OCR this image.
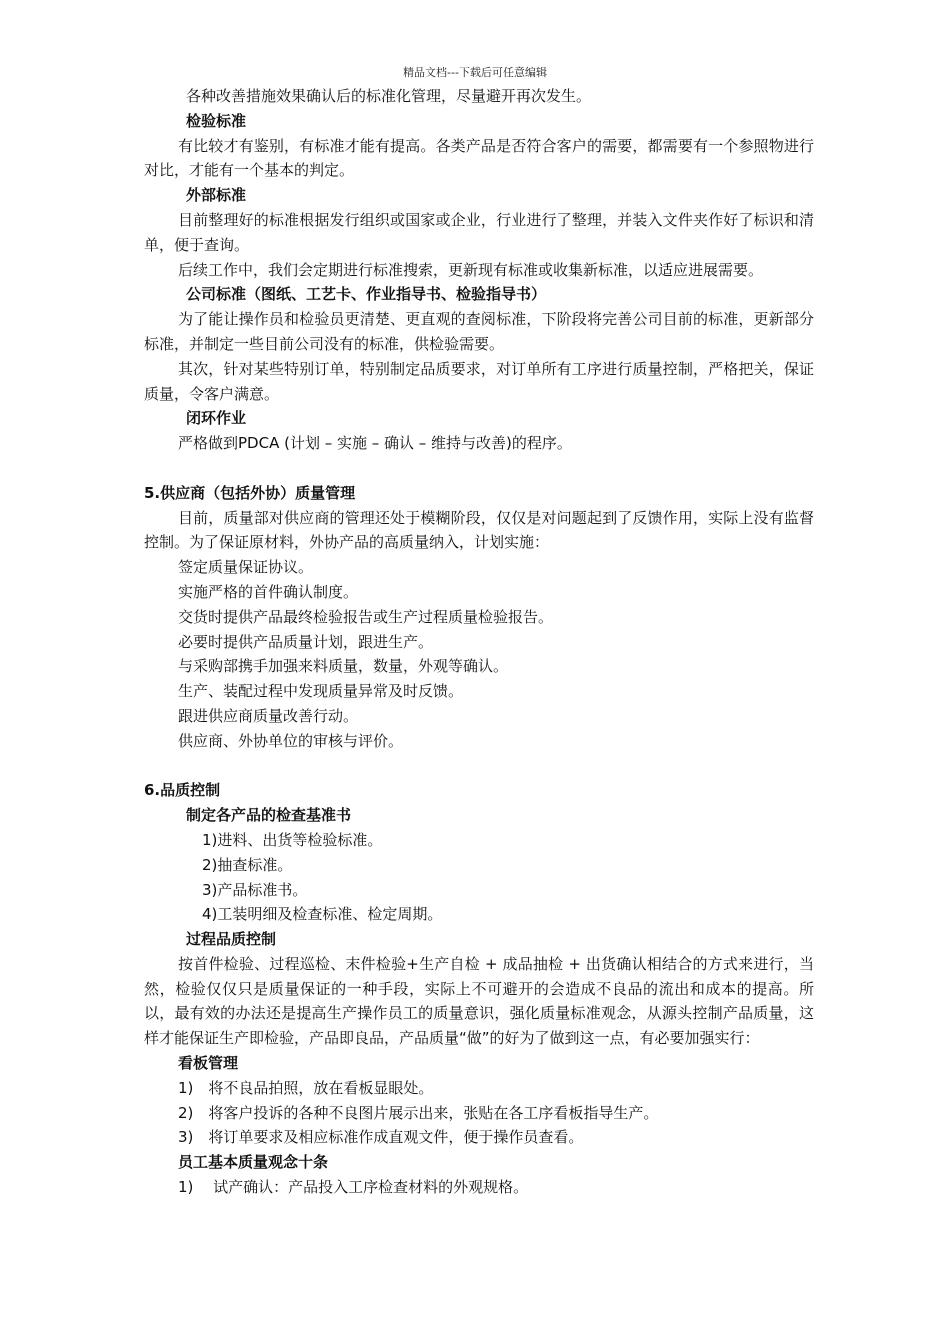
精品文档---下载后可任意编辑
各种改善措施效果确认后的标准化管理，尽量避开再次发生。
检验标准
有比较才有鉴别，有标准才能有提高。各类产品是否符合客户的需要，都需要有一个参照物进行对比，才能有一个基本的判定。
外部标准
目前整理好的标准根据发行组织或国家或企业，行业进行了整理，并装入文件夹作好了标识和清单，便于查询。
后续工作中，我们会定期进行标准搜索，更新现有标准或收集新标准，以适应进展需要。
公司标准（图纸、工艺卡、作业指导书、检验指导书）
为了能让操作员和检验员更清楚、更直观的查阅标准，下阶段将完善公司目前的标准，更新部分标准，并制定一些目前公司没有的标准，供检验需要。
其次，针对某些特别订单，特别制定品质要求，对订单所有工序进行质量控制，严格把关，保证质量，令客户满意。
闭环作业
严格做到PDCA (计划 – 实施 – 确认 – 维持与改善)的程序。
5.供应商（包括外协）质量管理
目前，质量部对供应商的管理还处于模糊阶段，仅仅是对问题起到了反馈作用，实际上没有监督控制。为了保证原材料，外协产品的高质量纳入，计划实施：
签定质量保证协议。
实施严格的首件确认制度。
交货时提供产品最终检验报告或生产过程质量检验报告。
必要时提供产品质量计划，跟进生产。
与采购部携手加强来料质量，数量，外观等确认。
生产、装配过程中发现质量异常及时反馈。
跟进供应商质量改善行动。
供应商、外协单位的审核与评价。
6.品质控制
制定各产品的检查基准书
1)进料、出货等检验标准。
2)抽查标准。
3)产品标准书。
4)工装明细及检查标准、检定周期。
过程品质控制
按首件检验、过程巡检、末件检验+生产自检 + 成品抽检 + 出货确认相结合的方式来进行，当然，检验仅仅只是质量保证的一种手段，实际上不可避开的会造成不良品的流出和成本的提高。所以，最有效的办法还是提高生产操作员工的质量意识，强化质量标准观念，从源头控制产品质量，这样才能保证生产即检验，产品即良品，产品质量“做”的好为了做到这一点，有必要加强实行：
看板管理
1)　将不良品拍照，放在看板显眼处。
2)　将客户投诉的各种不良图片展示出来，张贴在各工序看板指导生产。
3)　将订单要求及相应标准作成直观文件，便于操作员查看。
员工基本质量观念十条
1)　 试产确认：产品投入工序检查材料的外观规格。
